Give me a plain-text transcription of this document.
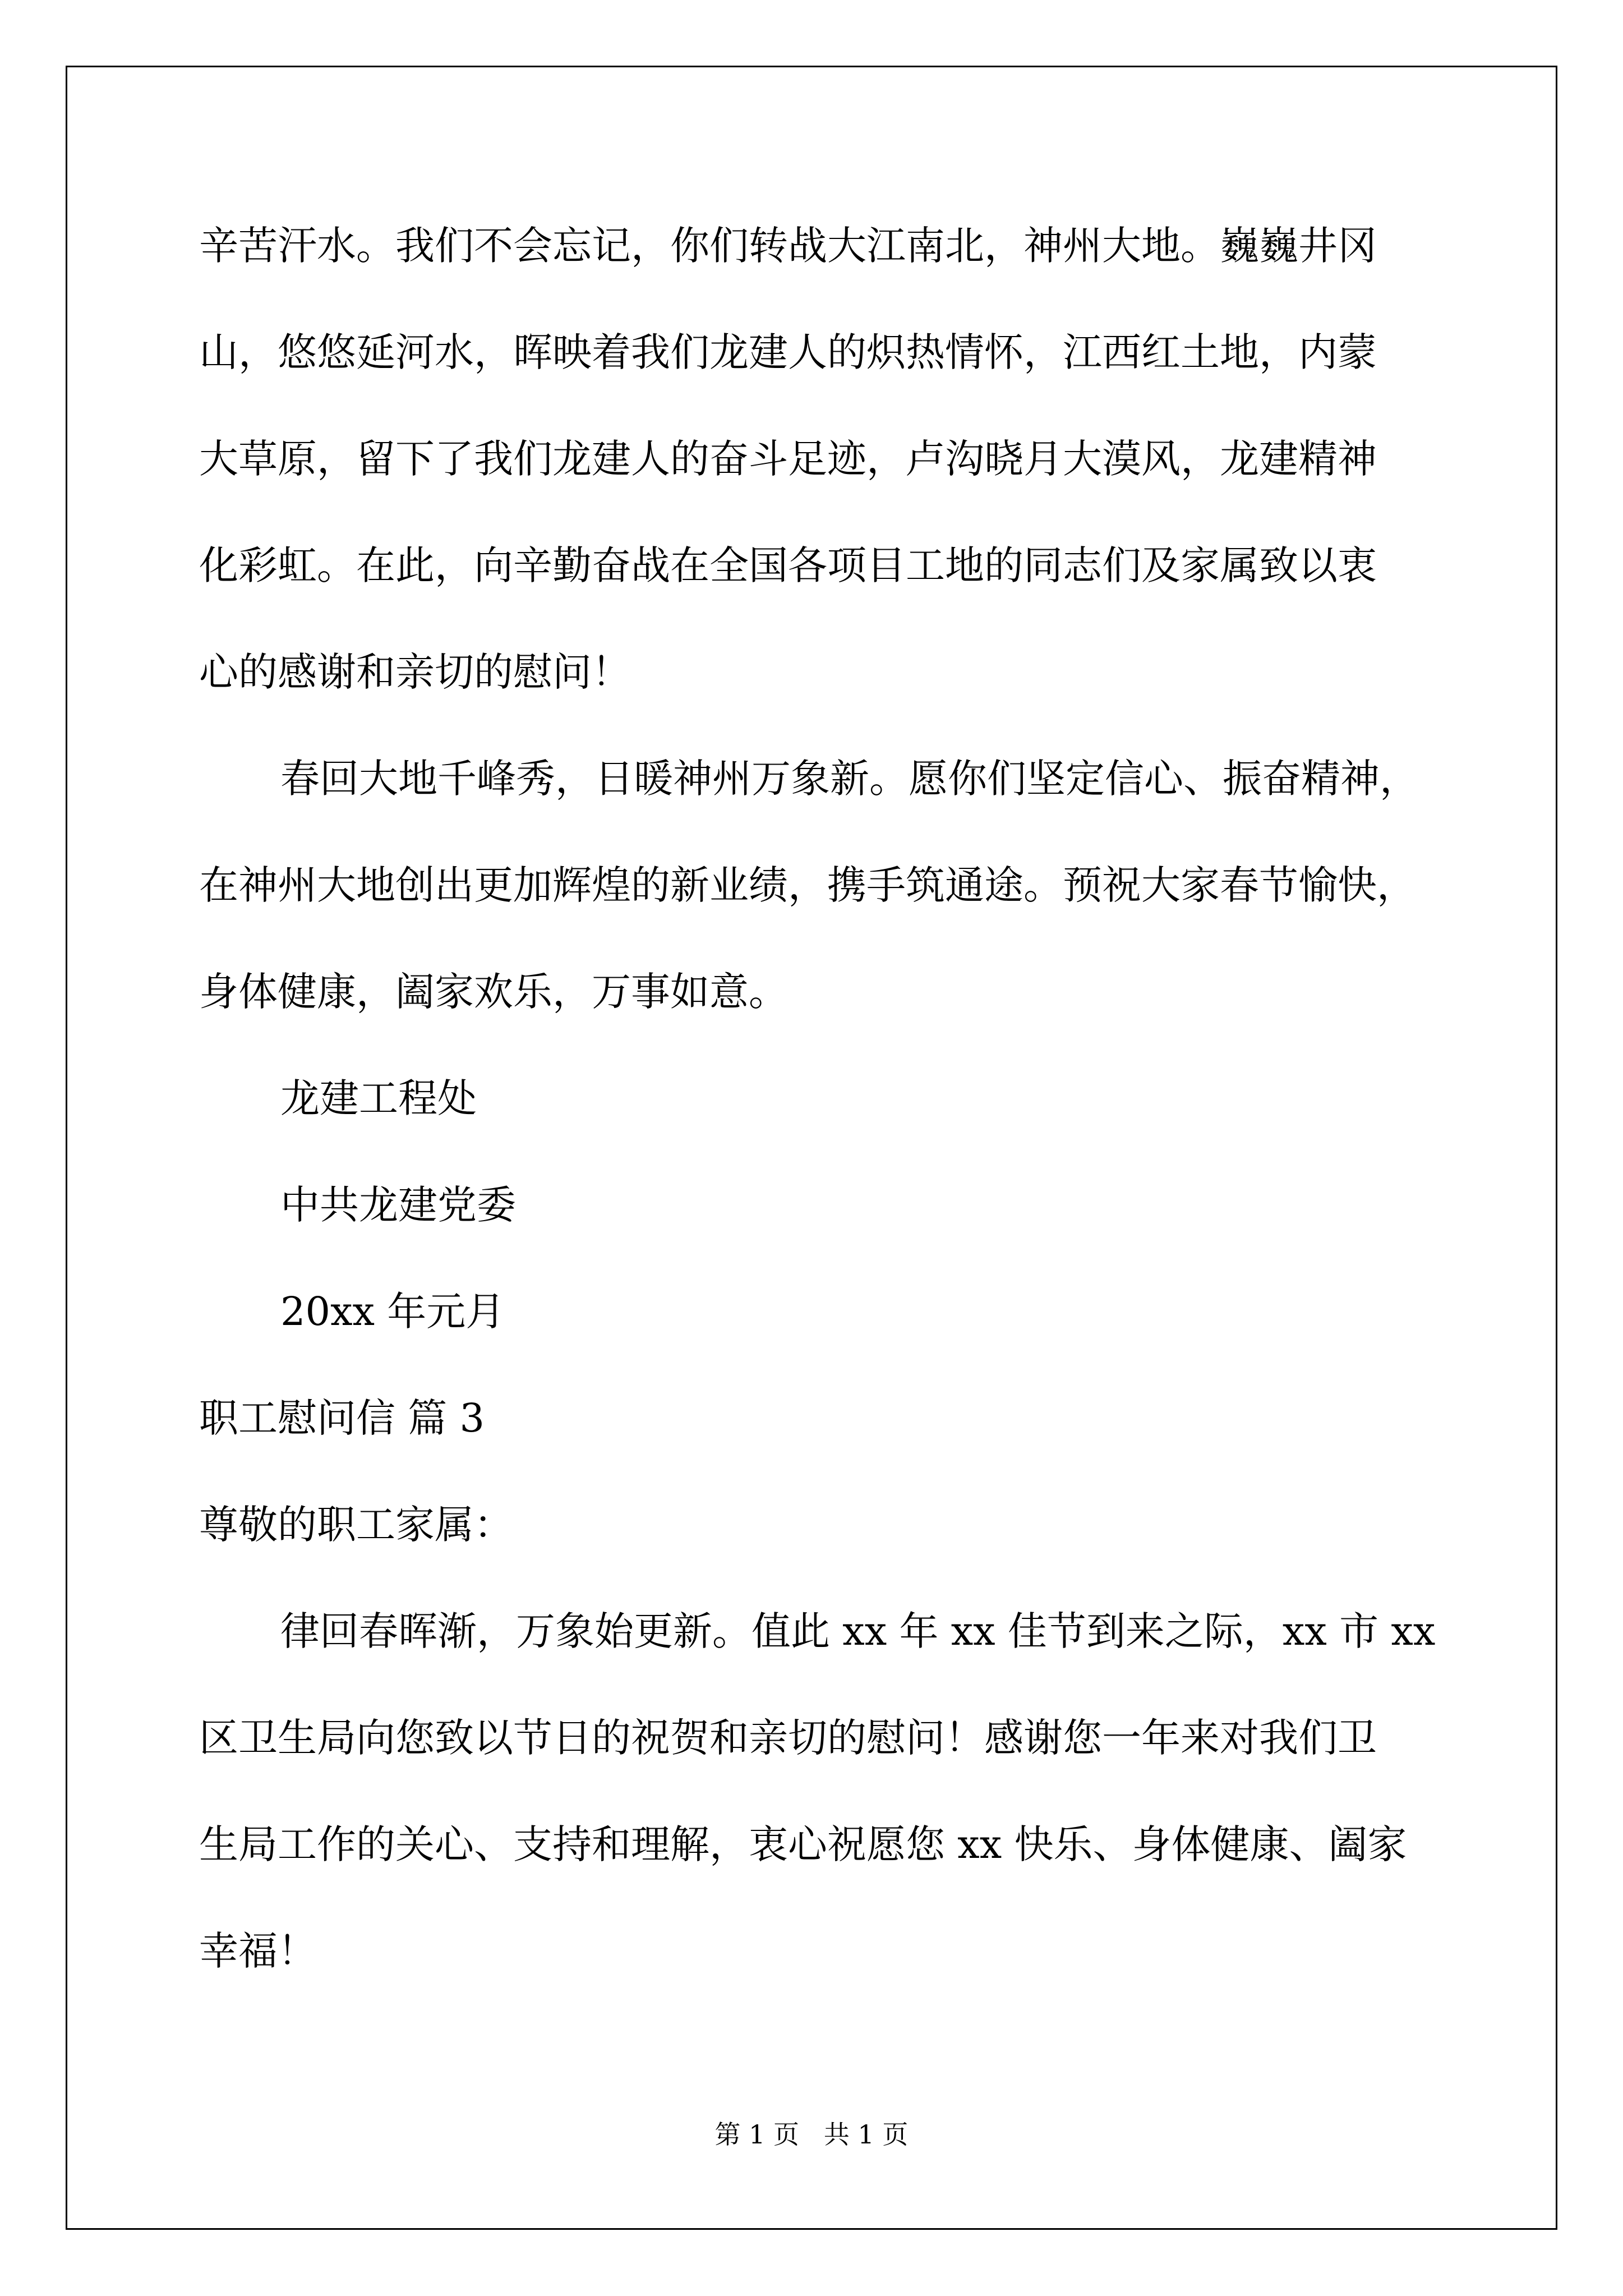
辛苦汗水。我们不会忘记，你们转战大江南北，神州大地。巍巍井冈
山，悠悠延河水，晖映着我们龙建人的炽热情怀，江西红土地，内蒙
大草原，留下了我们龙建人的奋斗足迹，卢沟晓月大漠风，龙建精神
化彩虹。在此，向辛勤奋战在全国各项目工地的同志们及家属致以衷
心的感谢和亲切的慰问！
春回大地千峰秀，日暖神州万象新。愿你们坚定信心、振奋精神，
在神州大地创出更加辉煌的新业绩，携手筑通途。预祝大家春节愉快，
身体健康，阖家欢乐，万事如意。
龙建工程处
中共龙建党委
20xx 年元月
职工慰问信 篇 3
尊敬的职工家属：
律回春晖渐，万象始更新。值此 xx 年 xx 佳节到来之际，xx 市 xx
区卫生局向您致以节日的祝贺和亲切的慰问！感谢您一年来对我们卫
生局工作的关心、支持和理解，衷心祝愿您 xx 快乐、身体健康、阖家
幸福！
第 1 页   共 1 页
